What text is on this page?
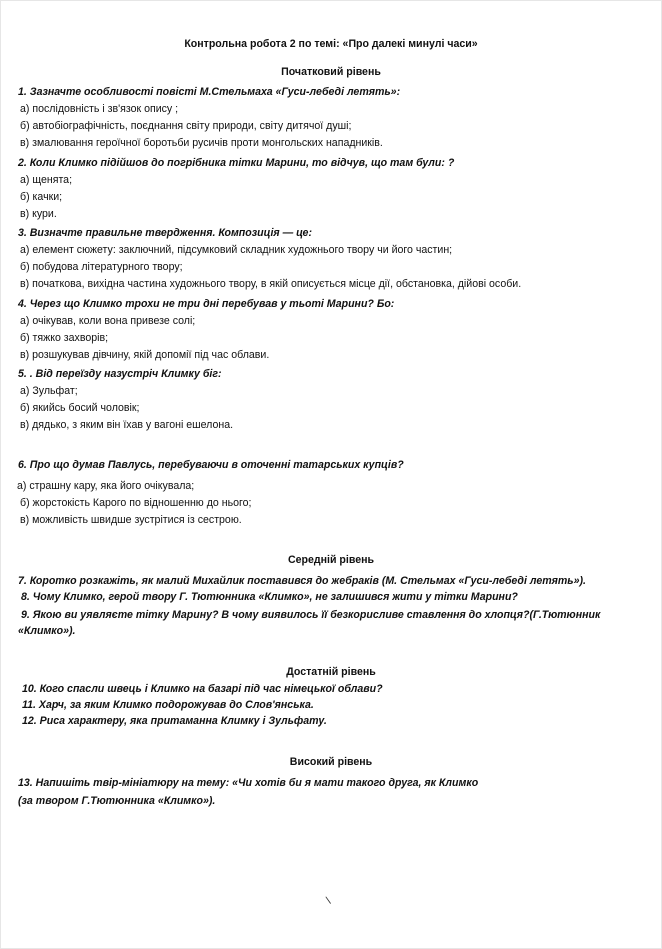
Контрольна робота 2 по темі: «Про далекі минулі часи»
Початковий рівень
1. Зазначте особливості повісті М.Стельмаха «Гуси-лебеді летять»:
а) послідовність і зв'язок опису ;
б) автобіографічність, поєднання світу природи, світу дитячої душі;
в) змалювання героїчної боротьби русичів проти монгольских нападників.
2. Коли Климко підійшов до погрібника тітки Марини, то відчув, що там були: ?
а) щенята;
б) качки;
в) кури.
3. Визначте правильне твердження. Композиція — це:
а) елемент сюжету: заключний, підсумковий складник художнього твору чи його частин;
б) побудова літературного твору;
в) початкова, вихідна частина художнього твору, в якій описується місце дії, обстановка, дійові особи.
4. Через що Климко трохи не три дні перебував у тьоті Марини? Бо:
а) очікував, коли вона привезе солі;
б) тяжко захворів;
в) розшукував дівчину, якій допомії під час облави.
5. . Від переїзду назустріч Климку біг:
а) Зульфат;
б) якийсь босий чоловік;
в) дядько, з яким він їхав у вагоні ешелона.
6. Про що думав Павлусь, перебуваючи в оточенні татарських купців?
а) страшну кару, яка його очікувала;
б) жорстокість Карого по відношенню до нього;
в) можливість швидше зустрітися із сестрою.
Середній рівень
7. Коротко розкажіть, як малий Михайлик поставився до жебраків (М. Стельмах «Гуси-лебеді летять»).
8. Чому Климко, герой твору Г. Тютюнника «Климко», не залишився жити у тітки Марини?
9. Якою ви уявляєте тітку Марину? В чому виявилось її безкорисливе ставлення до хлопця?(Г.Тютюнник «Климко»).
Достатній рівень
10. Кого спасли швець і Климко на базарі під час німецької облави?
11. Харч, за яким Климко подорожував до Слов'янська.
12. Риса характеру, яка притаманна Климку і Зульфату.
Високий рівень
13. Напишіть твір-мініатюру на тему: «Чи хотів би я мати такого друга, як Климко
(за твором Г.Тютюнника «Климко»).
\
